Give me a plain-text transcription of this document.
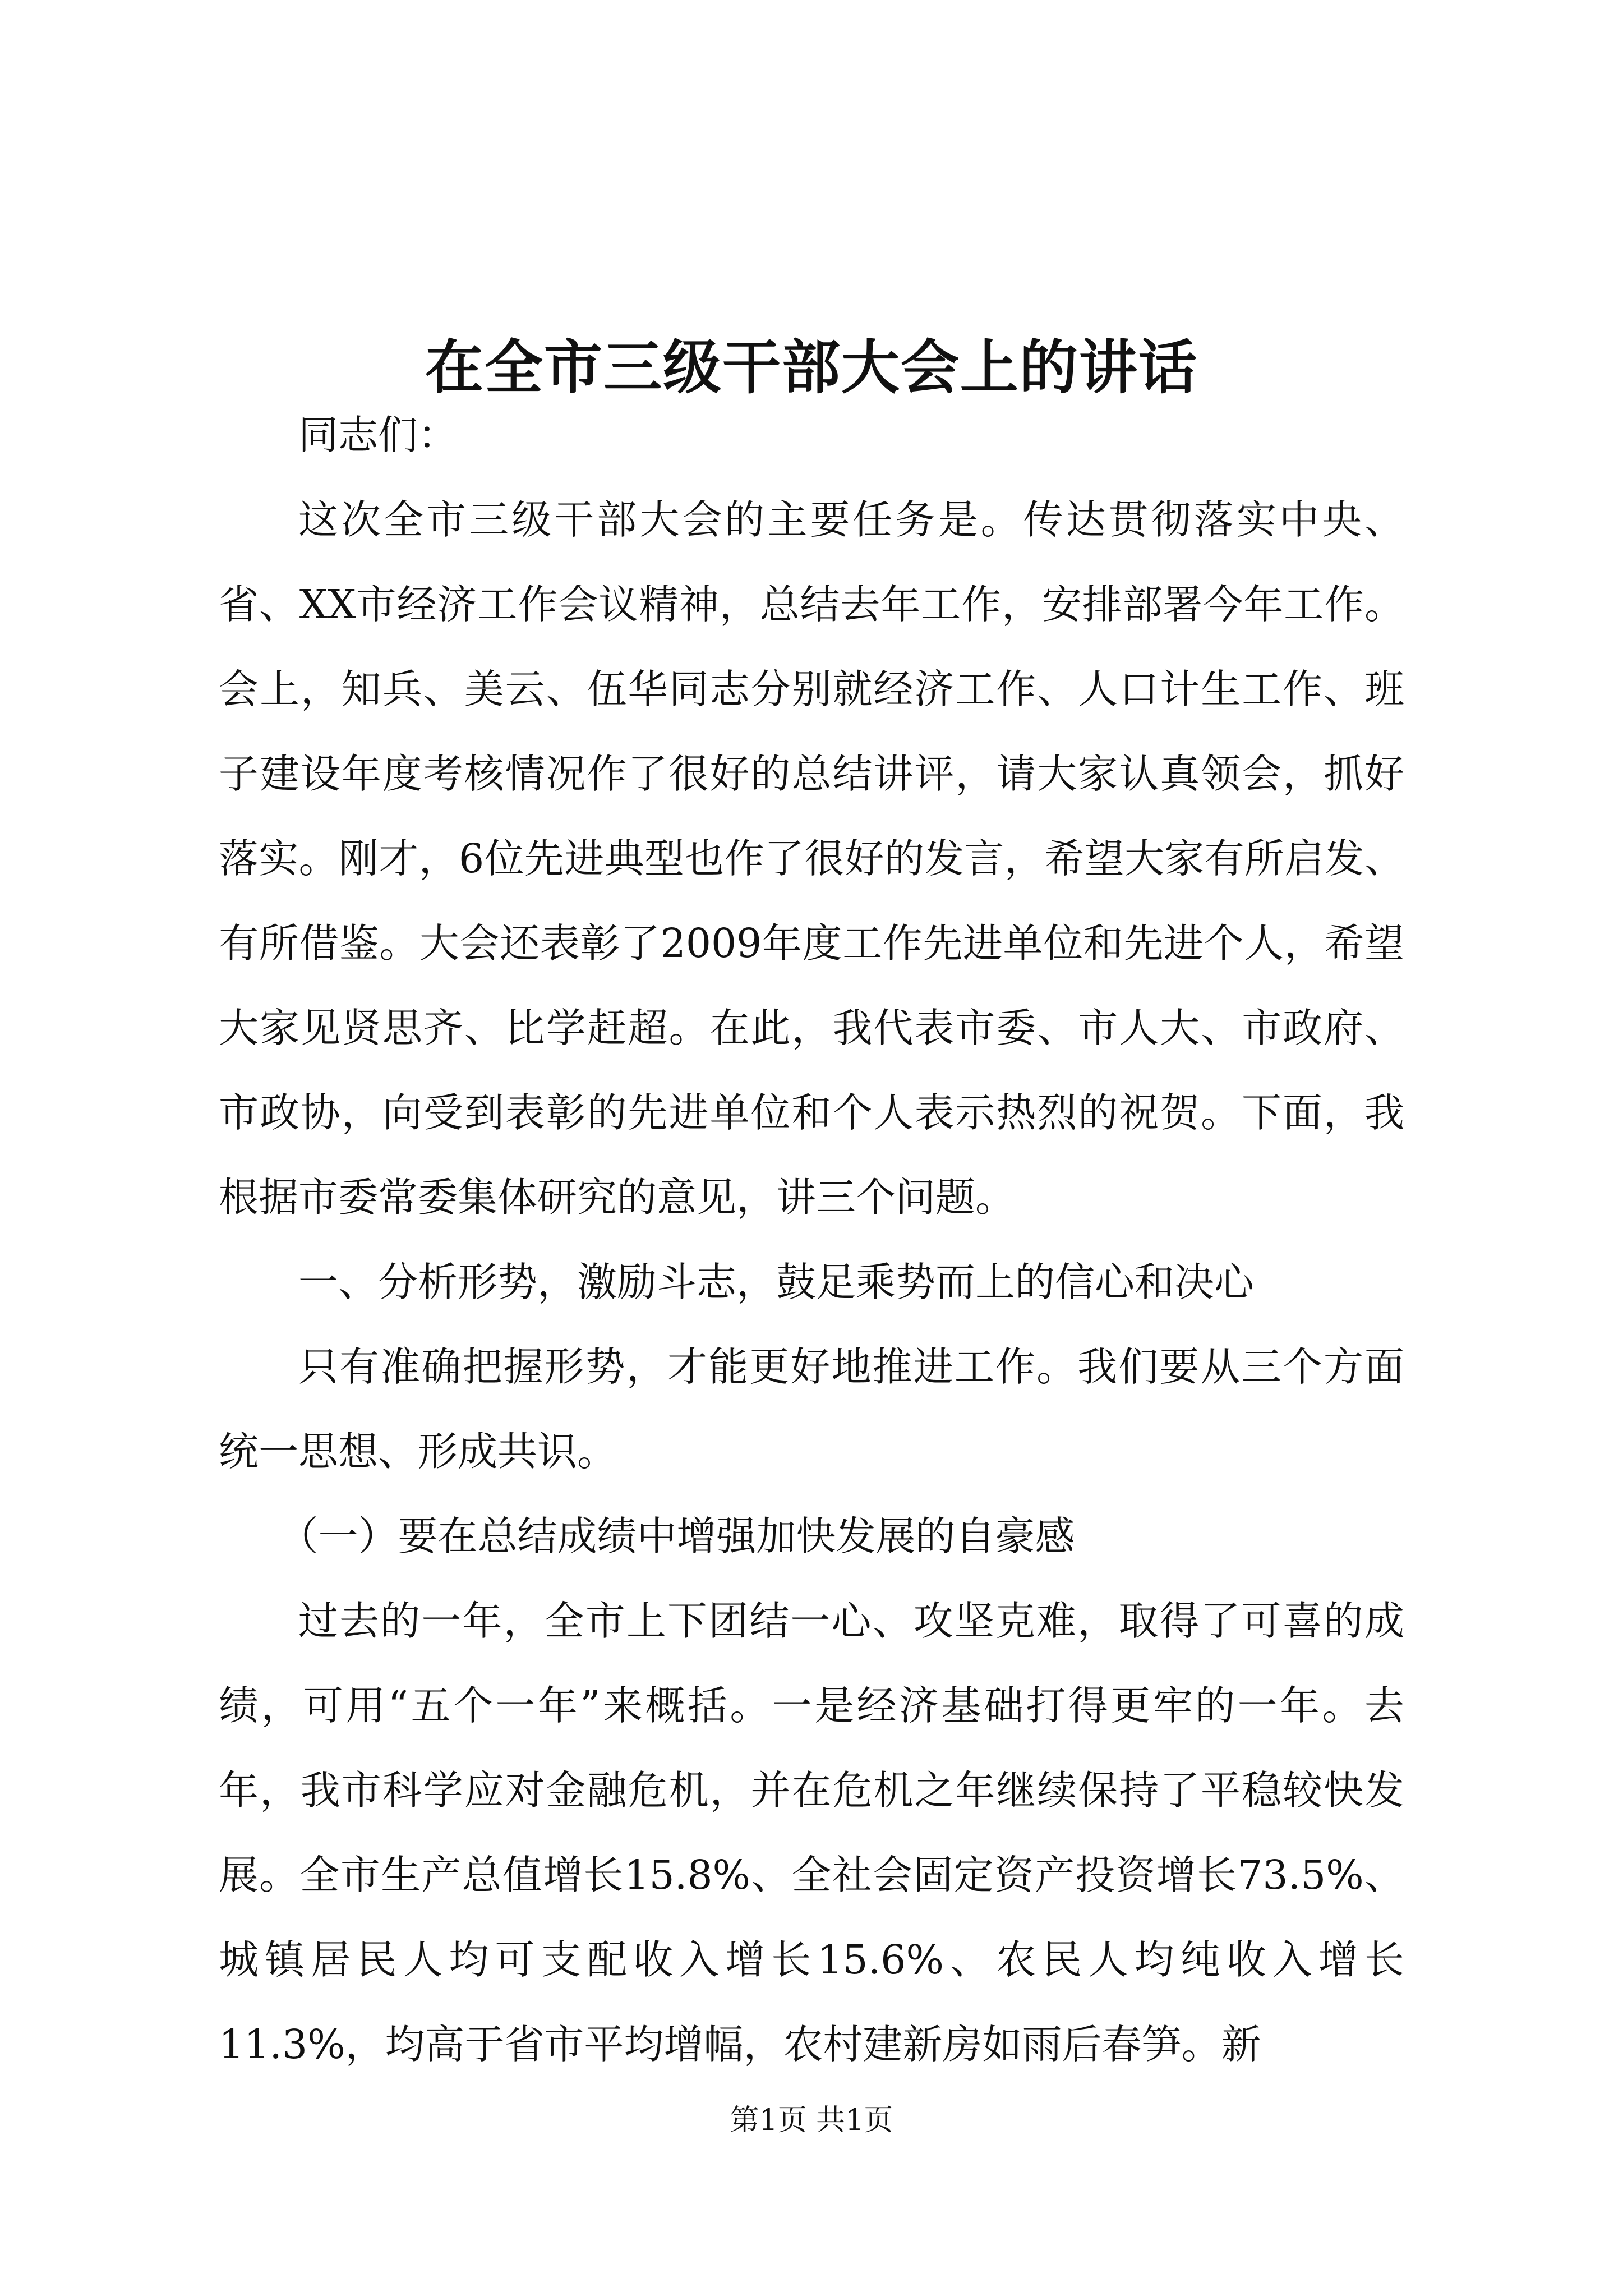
在全市三级干部大会上的讲话

同志们：

这次全市三级干部大会的主要任务是。传达贯彻落实中央、省、XX市经济工作会议精神，总结去年工作，安排部署今年工作。会上，知兵、美云、伍华同志分别就经济工作、人口计生工作、班子建设年度考核情况作了很好的总结讲评，请大家认真领会，抓好落实。刚才，6位先进典型也作了很好的发言，希望大家有所启发、有所借鉴。大会还表彰了2009年度工作先进单位和先进个人，希望大家见贤思齐、比学赶超。在此，我代表市委、市人大、市政府、市政协，向受到表彰的先进单位和个人表示热烈的祝贺。下面，我根据市委常委集体研究的意见，讲三个问题。

一、分析形势，激励斗志，鼓足乘势而上的信心和决心

只有准确把握形势，才能更好地推进工作。我们要从三个方面统一思想、形成共识。

（一）要在总结成绩中增强加快发展的自豪感

过去的一年，全市上下团结一心、攻坚克难，取得了可喜的成绩，可用“五个一年”来概括。一是经济基础打得更牢的一年。去年，我市科学应对金融危机，并在危机之年继续保持了平稳较快发展。全市生产总值增长15.8%、全社会固定资产投资增长73.5%、城镇居民人均可支配收入增长15.6%、农民人均纯收入增长11.3%，均高于省市平均增幅，农村建新房如雨后春笋。新

第1页 共1页
